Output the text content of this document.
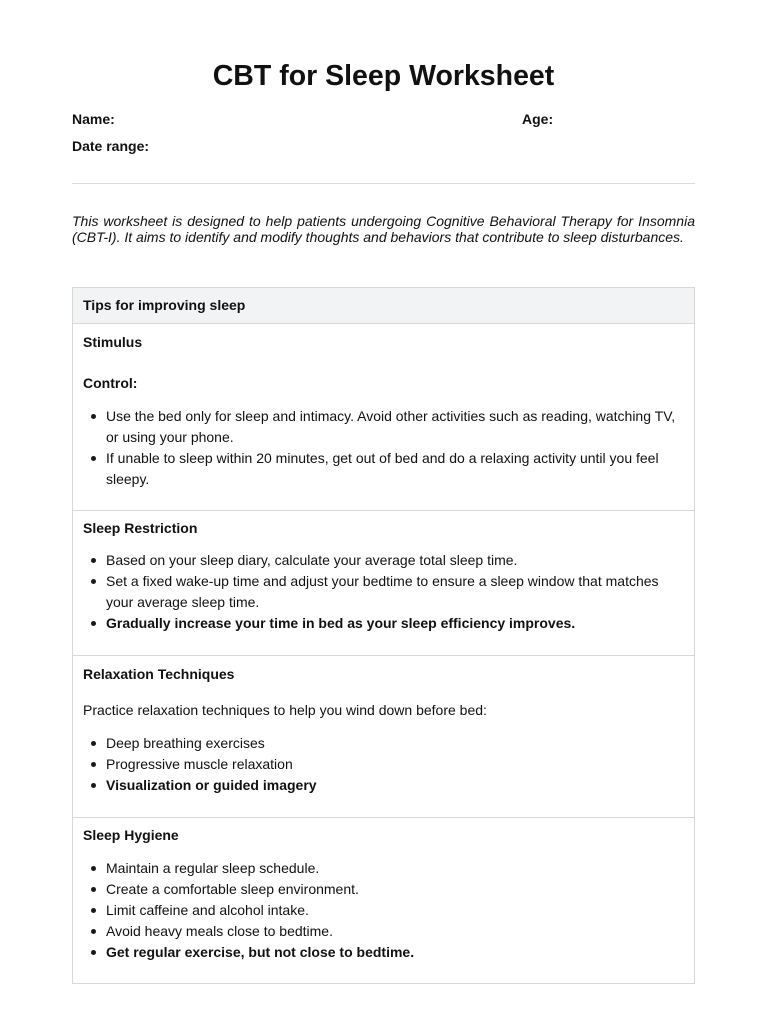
CBT for Sleep Worksheet
Name:	Age:
Date range:

This worksheet is designed to help patients undergoing Cognitive Behavioral Therapy for Insomnia (CBT-I). It aims to identify and modify thoughts and behaviors that contribute to sleep disturbances.

Tips for improving sleep

Stimulus

Control:

Use the bed only for sleep and intimacy. Avoid other activities such as reading, watching TV, or using your phone.
If unable to sleep within 20 minutes, get out of bed and do a relaxing activity until you feel sleepy.

Sleep Restriction

Based on your sleep diary, calculate your average total sleep time.
Set a fixed wake-up time and adjust your bedtime to ensure a sleep window that matches your average sleep time.
Gradually increase your time in bed as your sleep efficiency improves.

Relaxation Techniques

Practice relaxation techniques to help you wind down before bed:

Deep breathing exercises
Progressive muscle relaxation
Visualization or guided imagery

Sleep Hygiene

Maintain a regular sleep schedule.
Create a comfortable sleep environment.
Limit caffeine and alcohol intake.
Avoid heavy meals close to bedtime.
Get regular exercise, but not close to bedtime.
